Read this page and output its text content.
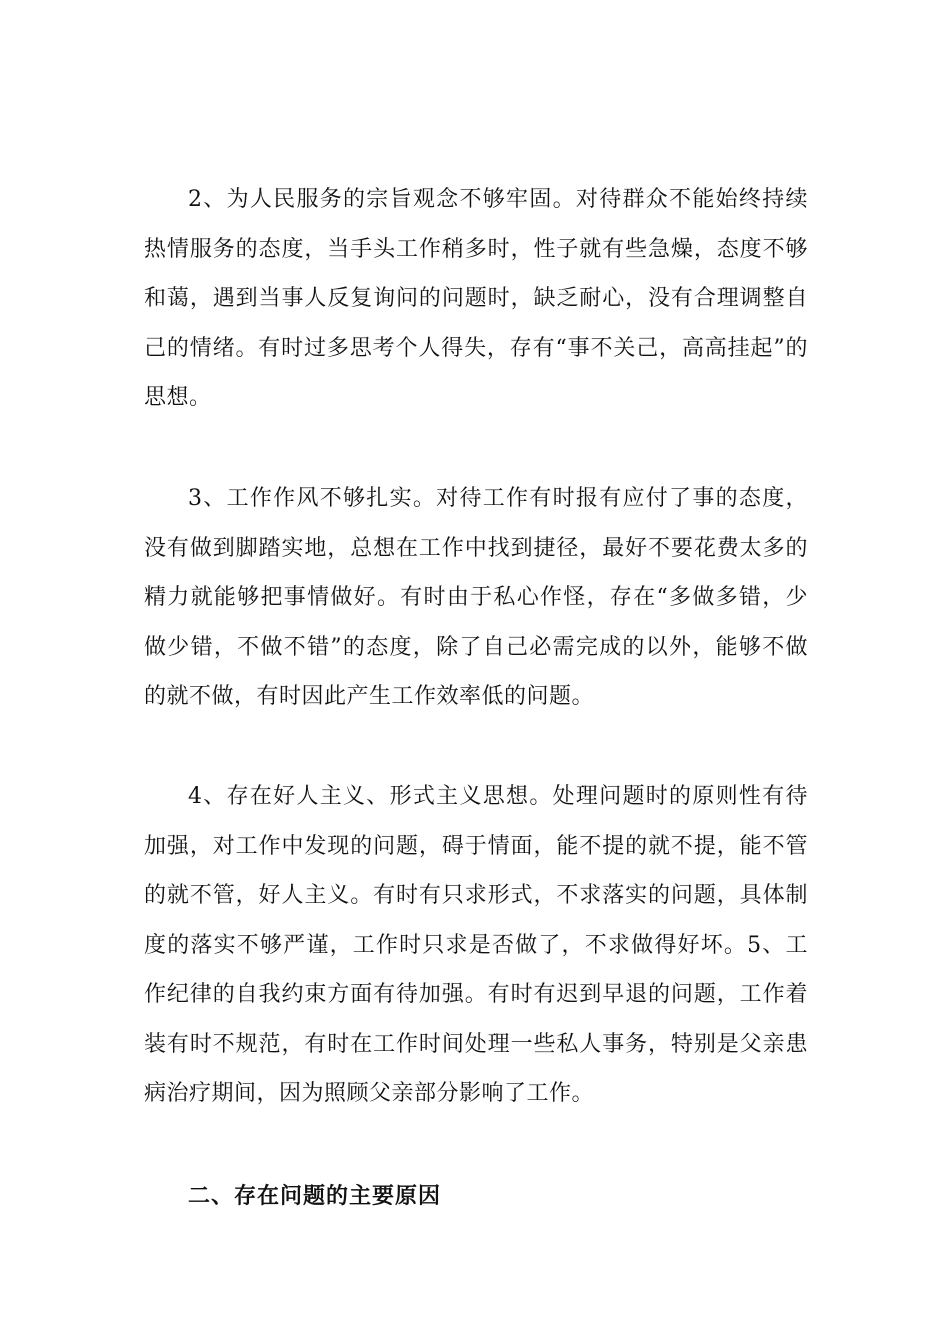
2、为人民服务的宗旨观念不够牢固。对待群众不能始终持续热情服务的态度，当手头工作稍多时，性子就有些急燥，态度不够和蔼，遇到当事人反复询问的问题时，缺乏耐心，没有合理调整自己的情绪。有时过多思考个人得失，存有“事不关己，高高挂起”的思想。

3、工作作风不够扎实。对待工作有时报有应付了事的态度，没有做到脚踏实地，总想在工作中找到捷径，最好不要花费太多的精力就能够把事情做好。有时由于私心作怪，存在“多做多错，少做少错，不做不错”的态度，除了自己必需完成的以外，能够不做的就不做，有时因此产生工作效率低的问题。

4、存在好人主义、形式主义思想。处理问题时的原则性有待加强，对工作中发现的问题，碍于情面，能不提的就不提，能不管的就不管，好人主义。有时有只求形式，不求落实的问题，具体制度的落实不够严谨，工作时只求是否做了，不求做得好坏。5、工作纪律的自我约束方面有待加强。有时有迟到早退的问题，工作着装有时不规范，有时在工作时间处理一些私人事务，特别是父亲患病治疗期间，因为照顾父亲部分影响了工作。

二、存在问题的主要原因
